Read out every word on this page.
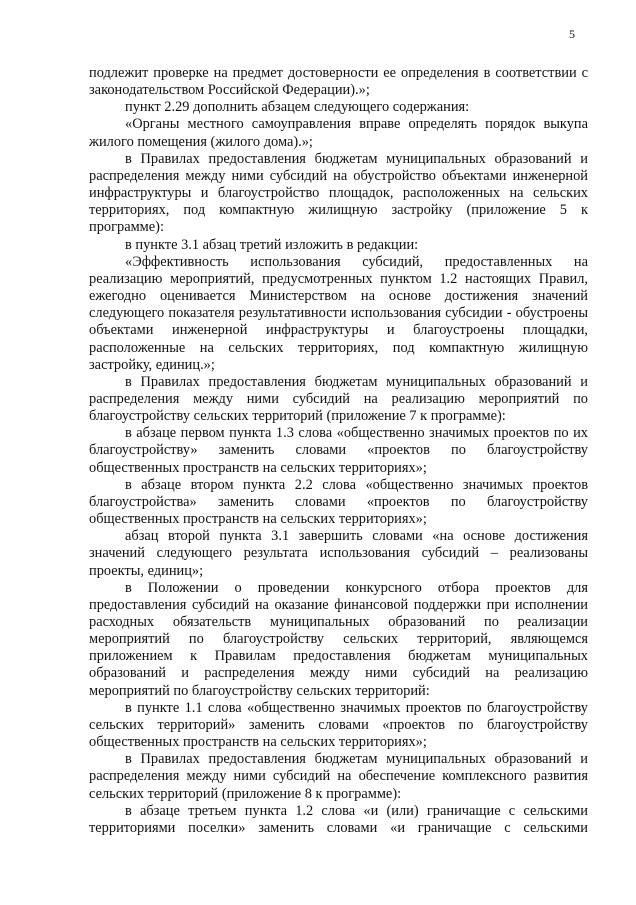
5

подлежит проверке на предмет достоверности ее определения в соответствии с законодательством Российской Федерации).»;

пункт 2.29 дополнить абзацем следующего содержания:

«Органы местного самоуправления вправе определять порядок выкупа жилого помещения (жилого дома).»;

в Правилах предоставления бюджетам муниципальных образований и распределения между ними субсидий на обустройство объектами инженерной инфраструктуры и благоустройство площадок, расположенных на сельских территориях, под компактную жилищную застройку (приложение 5 к программе):

в пункте 3.1 абзац третий изложить в редакции:

«Эффективность использования субсидий, предоставленных на реализацию мероприятий, предусмотренных пунктом 1.2 настоящих Правил, ежегодно оценивается Министерством на основе достижения значений следующего показателя результативности использования субсидии - обустроены объектами инженерной инфраструктуры и благоустроены площадки, расположенные на сельских территориях, под компактную жилищную застройку, единиц.»;

в Правилах предоставления бюджетам муниципальных образований и распределения между ними субсидий на реализацию мероприятий по благоустройству сельских территорий (приложение 7 к программе):

в абзаце первом пункта 1.3 слова «общественно значимых проектов по их благоустройству» заменить словами «проектов по благоустройству общественных пространств на сельских территориях»;

в абзаце втором пункта 2.2 слова «общественно значимых проектов благоустройства» заменить словами «проектов по благоустройству общественных пространств на сельских территориях»;

абзац второй пункта 3.1 завершить словами «на основе достижения значений следующего результата использования субсидий – реализованы проекты, единиц»;

в Положении о проведении конкурсного отбора проектов для предоставления субсидий на оказание финансовой поддержки при исполнении расходных обязательств муниципальных образований по реализации мероприятий по благоустройству сельских территорий, являющемся приложением к Правилам предоставления бюджетам муниципальных образований и распределения между ними субсидий на реализацию мероприятий по благоустройству сельских территорий:

в пункте 1.1 слова «общественно значимых проектов по благоустройству сельских территорий» заменить словами «проектов по благоустройству общественных пространств на сельских территориях»;

в Правилах предоставления бюджетам муниципальных образований и распределения между ними субсидий на обеспечение комплексного развития сельских территорий (приложение 8 к программе):

в абзаце третьем пункта 1.2 слова «и (или) граничащие с сельскими территориями поселки» заменить словами «и граничащие с сельскими
